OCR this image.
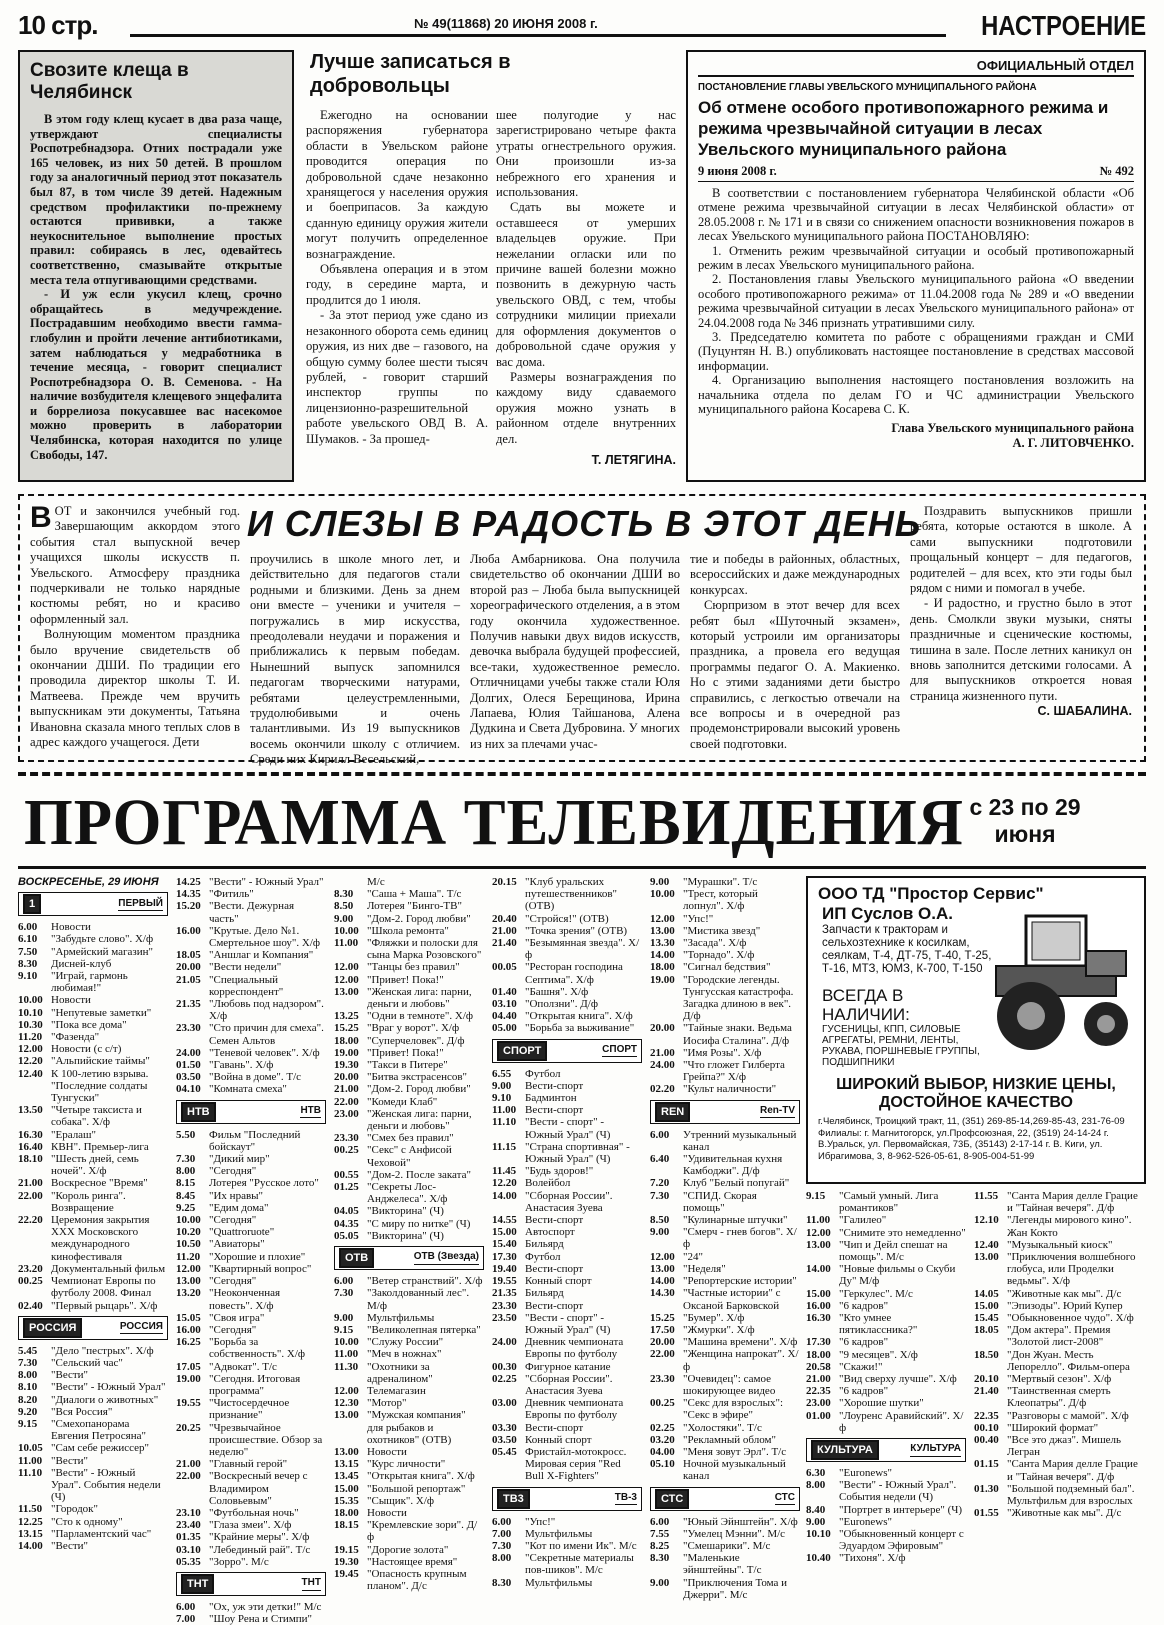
10 стр.	№ 49(11868) 20 ИЮНЯ 2008 г.	НАСТРОЕНИЕ
Свозите клеща в Челябинск

В этом году клещ кусает в два раза чаще, утверждают специалисты Роспотребнадзора. Отних пострадали уже 165 человек, из них 50 детей. В прошлом году за аналогичный период этот показатель был 87, в том числе 39 детей. Надежным средством профилактики по-прежнему остаются прививки, а также неукоснительное выполнение простых правил: собираясь в лес, одевайтесь соответственно, смазывайте открытые места тела отпугивающими средствами.

- И уж если укусил клещ, срочно обращайтесь в медучреждение. Пострадавшим необходимо ввести гамма-глобулин и пройти лечение антибиотиками, затем наблюдаться у медработника в течение месяца, - говорит специалист Роспотребнадзора О. В. Семенова. - На наличие возбудителя клещевого энцефалита и боррелиоза покусавшее вас насекомое можно проверить в лаборатории Челябинска, которая находится по улице Свободы, 147.

Лучше записаться в добровольцы

Ежегодно на основании распоряжения губернатора области в Увельском районе проводится операция по добровольной сдаче незаконно хранящегося у населения оружия и боеприпасов. За каждую сданную единицу оружия жители могут получить определенное вознаграждение.

Объявлена операция и в этом году, в середине марта, и продлится до 1 июля.

- За этот период уже сдано из незаконного оборота семь единиц оружия, из них две – газового, на общую сумму более шести тысяч рублей, - говорит старший инспектор группы по лицензионно-разрешительной работе увельского ОВД В. А. Шумаков. - За прошед-

шее полугодие у нас зарегистрировано четыре факта утраты огнестрельного оружия. Они произошли из-за небрежного его хранения и использования.

Сдать вы можете и оставшееся от умерших владельцев оружие. При нежелании огласки или по причине вашей болезни можно позвонить в дежурную часть увельского ОВД, с тем, чтобы сотрудники милиции приехали для оформления документов о добровольной сдаче оружия у вас дома.

Размеры вознаграждения по каждому виду сдаваемого оружия можно узнать в районном отделе внутренних дел.

Т. ЛЕТЯГИНА.
ОФИЦИАЛЬНЫЙ ОТДЕЛ
ПОСТАНОВЛЕНИЕ ГЛАВЫ УВЕЛЬСКОГО МУНИЦИПАЛЬНОГО РАЙОНА
Об отмене особого противопожарного режима и режима чрезвычайной ситуации в лесах Увельского муниципального района
9 июня 2008 г.	№ 492

В соответствии с постановлением губернатора Челябинской области «Об отмене режима чрезвычайной ситуации в лесах Челябинской области» от 28.05.2008 г. № 171 и в связи со снижением опасности возникновения пожаров в лесах Увельского муниципального района ПОСТАНОВЛЯЮ:

1. Отменить режим чрезвычайной ситуации и особый противопожарный режим в лесах Увельского муниципального района.

2. Постановления главы Увельского муниципального района «О введении особого противопожарного режима» от 11.04.2008 года № 289 и «О введении режима чрезвычайной ситуации в лесах Увельского муниципального района» от 24.04.2008 года № 346 признать утратившими силу.

3. Председателю комитета по работе с обращениями граждан и СМИ (Пуцунтян Н. В.) опубликовать настоящее постановление в средствах массовой информации.

4. Организацию выполнения настоящего постановления возложить на начальника отдела по делам ГО и ЧС администрации Увельского муниципального района Косарева С. К.

Глава Увельского муниципального района
А. Г. ЛИТОВЧЕНКО.
И СЛЕЗЫ В РАДОСТЬ В ЭТОТ ДЕНЬ

ВОТ и закончился учебный год. Завершающим аккордом этого события стал выпускной вечер учащихся школы искусств п. Увельского. Атмосферу праздника подчеркивали не только нарядные костюмы ребят, но и красиво оформленный зал.

Волнующим моментом праздника было вручение свидетельств об окончании ДШИ. По традиции его проводила директор школы Т. И. Матвеева. Прежде чем вручить выпускникам эти документы, Татьяна Ивановна сказала много теплых слов в адрес каждого учащегося. Дети

проучились в школе много лет, и действительно для педагогов стали родными и близкими. День за днем они вместе – ученики и учителя – погружались в мир искусства, преодолевали неудачи и поражения и приближались к первым победам. Нынешний выпуск запомнился педагогам творческими натурами, ребятами целеустремленными, трудолюбивыми и очень талантливыми. Из 19 выпускников восемь окончили школу с отличием. Среди них Кирилл Весельский,

Люба Амбарникова. Она получила свидетельство об окончании ДШИ во второй раз – Люба была выпускницей хореографического отделения, а в этом году окончила художественное. Получив навыки двух видов искусств, девочка выбрала будущей профессией, все-таки, художественное ремесло. Отличницами учебы также стали Юля Долгих, Олеся Берещинова, Ирина Лапаева, Юлия Тайшанова, Алена Дудкина и Света Дубровина. У многих из них за плечами учас-

тие и победы в районных, областных, всероссийских и даже международных конкурсах.

Сюрпризом в этот вечер для всех ребят был «Шуточный экзамен», который устроили им организаторы праздника, а провела его ведущая программы педагог О. А. Макиенко. Но с этими заданиями дети быстро справились, с легкостью отвечали на все вопросы и в очередной раз продемонстрировали высокий уровень своей подготовки.

Поздравить выпускников пришли ребята, которые остаются в школе. А сами выпускники подготовили прощальный концерт – для педагогов, родителей – для всех, кто эти годы был рядом с ними и помогал в учебе.

- И радостно, и грустно было в этот день. Смолкли звуки музыки, сняты праздничные и сценические костюмы, тишина в зале. После летних каникул он вновь заполнится детскими голосами. А для выпускников откроется новая страница жизненного пути.

С. ШАБАЛИНА.
ПРОГРАММА ТЕЛЕВИДЕНИЯ с 23 по 29 июня
ВОСКРЕСЕНЬЕ, 29 ИЮНЯ
1	ПЕРВЫЙ
6.00	Новости
6.10	"Забудьте слово". Х/ф
7.50	"Армейский магазин"
8.30	Дисней-клуб
9.10	"Играй, гармонь любимая!"
10.00 Новости
10.10 "Непутевые заметки"
10.30 "Пока все дома"
11.20 "Фазенда"
12.00 Новости (с с/т)
12.20 "Альпийские таймы"
12.40 К 100-летию взрыва. "Последние солдаты Тунгуски"
13.50 "Четыре таксиста и собака". Х/ф
16.30 "Ералаш"
16.40 КВН". Премьер-лига
18.10 "Шесть дней, семь ночей". Х/ф
21.00 Воскресное "Время"
22.00 "Король ринга". Возвращение
22.20 Церемония закрытия XXX Московского международного кинофестиваля
23.20 Документальный фильм
00.25 Чемпионат Европы по футболу 2008. Финал
02.40 "Первый рыцарь". Х/ф
РОССИЯ	РОССИЯ
5.45	"Дело "пестрых". Х/ф
7.30	"Сельский час"
8.00	"Вести"
8.10	"Вести" - Южный Урал"
8.20	"Диалоги о животных"
9.20	"Вся Россия"
9.15	"Смехопанорама Евгения Петросяна"
10.05 "Сам себе режиссер"
11.00 "Вести"
11.10 "Вести" - Южный Урал". События недели (Ч)
11.50 "Городок"
12.25 "Сто к одному"
13.15 "Парламентский час"
14.00 "Вести"
14.25 "Вести" - Южный Урал"
14.35 "Фитиль"
15.20 "Вести. Дежурная часть"
16.00 "Крутые. Дело №1. Смертельное шоу". Х/ф
18.05 "Аншлаг и Компания"
20.00 "Вести недели"
21.05 "Специальный корреспондент"
21.35 "Любовь под надзором". Х/ф
23.30 "Сто причин для смеха". Семен Альтов
24.00 "Теневой человек". Х/ф
01.50 "Гавань". Х/ф
03.50 "Война в доме". Т/с
04.10 "Комната смеха"
НТВ	НТВ
5.50	Фильм "Последний бойскаут"
7.30	"Дикий мир"
8.00	"Сегодня"
8.15	Лотерея "Русское лото"
8.45	"Их нравы"
9.25	"Едим дома"
10.00 "Сегодня"
10.20 "Quattroruote"
10.50 "Авиаторы"
11.20 "Хорошие и плохие"
12.00 "Квартирный вопрос"
13.00 "Сегодня"
13.20 "Неоконченная повесть". Х/ф
15.05 "Своя игра"
16.00 "Сегодня"
16.25 "Борьба за собственность". Х/ф
17.05 "Адвокат". Т/с
19.00 "Сегодня. Итоговая программа"
19.55 "Чистосердечное признание"
20.25 "Чрезвычайное происшествие. Обзор за неделю"
21.00 "Главный герой"
22.00 "Воскресный вечер с Владимиром Соловьевым"
23.10 "Футбольная ночь"
23.40 "Глаза змеи". Х/ф
01.35 "Крайние меры". Х/ф
03.10 "Лебединый рай". Т/с
05.35 "Зорро". М/с
ТНТ	ТНТ
6.00	"Ох, уж эти детки!" М/с
7.00	"Шоу Рена и Стимпи"
М/с
8.30	"Саша + Маша". Т/с
8.50	Лотерея "Бинго-ТВ"
9.00	"Дом-2. Город любви"
10.00 "Школа ремонта"
11.00 "Фляжки и полоски для сына Марка Розовского"
12.00 "Танцы без правил"
12.00 "Привет! Пока!"
13.00 "Женская лига: парни, деньги и любовь"
13.25 "Одни в темноте". Х/ф
15.25 "Враг у ворот". Х/ф
18.00 "Суперчеловек". Д/ф
19.00 "Привет! Пока!"
19.30 "Такси в Питере"
20.00 "Битва экстрасенсов"
21.00 "Дом-2. Город любви"
22.00 "Комеди Клаб"
23.00 "Женская лига: парни, деньги и любовь"
23.30 "Смех без правил"
00.25 "Секс" с Анфисой Чеховой"
00.55 "Дом-2. После заката"
01.25 "Секреты Лос-Анджелеса". Х/ф
04.05 "Викторина" (Ч)
04.35 "С миру по нитке" (Ч)
05.05 "Викторина" (Ч)
ОТВ	ОТВ (Звезда)
6.00	"Ветер странствий". Х/ф
7.30	"Заколдованный лес". М/ф
9.00	Мультфильмы
9.15	"Великолепная пятерка"
10.00 "Служу России"
11.00 "Меч в ножнах"
11.30 "Охотники за адреналином"
12.00 Телемагазин
12.30 "Мотор"
13.00 "Мужская компания" для рыбаков и охотников" (ОТВ)
13.00 Новости
13.15 "Курс личности"
13.45 "Открытая книга". Х/ф
15.00 "Большой репортаж"
15.35 "Сыщик". Х/ф
18.00 Новости
18.15 "Кремлевские зори". Д/ф
19.15 "Дорогие золота"
19.30 "Настоящее время"
19.45 "Опасность крупным планом". Д/с
20.15 "Клуб уральских путешественников" (ОТВ)
20.40 "Стройся!" (ОТВ)
21.00 "Точка зрения" (ОТВ)
21.40 "Безымянная звезда". Х/ф
00.05 "Ресторан господина Септима". Х/ф
01.40 "Башня". Х/ф
03.10 "Оползни". Д/ф
04.40 "Открытая книга". Х/ф
05.00 "Борьба за выживание"
СПОРТ	СПОРТ
6.55	Футбол
9.00	Вести-спорт
9.10	Бадминтон
11.00 Вести-спорт
11.10 "Вести - спорт" - Южный Урал" (Ч)
11.15 "Страна спортивная" - Южный Урал" (Ч)
11.45 "Будь здоров!"
12.20 Волейбол
14.00 "Сборная России". Анастасия Зуева
14.55 Вести-спорт
15.00 Автоспорт
15.40 Бильярд
17.30 Футбол
19.40 Вести-спорт
19.55 Конный спорт
21.35 Бильярд
23.30 Вести-спорт
23.50 "Вести - спорт" - Южный Урал" (Ч)
24.00 Дневник чемпионата Европы по футболу
00.30 Фигурное катание
02.25 "Сборная России". Анастасия Зуева
03.00 Дневник чемпионата Европы по футболу
03.30 Вести-спорт
03.50 Конный спорт
05.45 Фристайл-мотокросс. Мировая серия "Red Bull X-Fighters"
ТВ3	ТВ-3
6.00	"Упс!"
7.00	Мультфильмы
7.30	"Кот по имени Ик". М/с
8.00	"Секретные материалы пов-шиков". М/с
8.30	Мультфильмы
9.00	"Мурашки". Т/с
10.00 "Трест, который лопнул". Х/ф
12.00 "Упс!"
13.00 "Мистика звезд"
13.30 "Засада". Х/ф
14.00 "Торнадо". Х/ф
18.00 "Сигнал бедствия"
19.00 "Городские легенды. Тунгусская катастрофа. Загадка длиною в век". Д/ф
20.00 "Тайные знаки. Ведьма Иосифа Сталина". Д/ф
21.00 "Имя Розы". Х/ф
24.00 "Что гложет Гилберта Грейпа?" Х/ф
02.20 "Культ наличности"
REN	Ren-TV
6.00	Утренний музыкальный канал
6.40	"Удивительная кухня Камбоджи". Д/ф
7.20	Клуб "Белый попугай"
7.30	"СПИД. Скорая помощь"
8.50	"Кулинарные штучки"
9.00	"Смерч - гнев богов". Х/ф
12.00 "24"
13.00 "Неделя"
14.00 "Репортерские истории"
14.30 "Частные истории" с Оксаной Барковской
15.25 "Бумер". Х/ф
17.50 "Жмурки". Х/ф
20.00 "Машина времени". Х/ф
22.00 "Женщина напрокат". Х/ф
23.30 "Очевидец": самое шокирующее видео
00.25 "Секс для взрослых": "Секс в эфире"
02.25 "Холостяки". Т/с
03.20 "Рекламный облом"
04.00 "Меня зовут Эрл". Т/с
05.10 Ночной музыкальный канал
СТС	СТС
6.00	"Юный Эйнштейн". Х/ф
7.55	"Умелец Мэнни". М/с
8.25	"Смешарики". М/с
8.30	"Маленькие эйнштейны". Т/с
9.00	"Приключения Тома и Джерри". М/с
ООО ТД "Простор Сервис"
ИП Суслов О.А.
Запчасти к тракторам и сельхозтехнике к косилкам, сеялкам, Т-4, ДТ-75, Т-40, Т-25, Т-16, МТЗ, ЮМЗ, К-700, Т-150
ВСЕГДА В НАЛИЧИИ:
ГУСЕНИЦЫ, КПП, СИЛОВЫЕ АГРЕГАТЫ, РЕМНИ, ЛЕНТЫ, РУКАВА, ПОРШНЕВЫЕ ГРУППЫ, ПОДШИПНИКИ
ШИРОКИЙ ВЫБОР, НИЗКИЕ ЦЕНЫ, ДОСТОЙНОЕ КАЧЕСТВО
г.Челябинск, Троицкий тракт, 11, (351) 269-85-14,269-85-43, 231-76-09 Филиалы: г. Магнитогорск, ул.Профсоюзная, 22, (3519) 24-14-24 г. В.Уральск, ул. Первомайская, 73Б, (35143) 2-17-14 г. В. Киги, ул. Ибрагимова, 3, 8-962-526-05-61, 8-905-004-51-99
9.15	"Самый умный. Лига романтиков"
11.00 "Галилео"
12.00 "Снимите это немедленно"
13.00 "Чип и Дейл спешат на помощь". М/с
14.00 "Новые фильмы о Скуби Ду" М/ф
15.00 "Геркулес". М/с
16.00 "6 кадров"
16.30 "Кто умнее пятиклассника?"
17.30 "6 кадров"
18.00 "9 месяцев". Х/ф
20.58 "Скажи!"
21.00 "Вид сверху лучше". Х/ф
22.35 "6 кадров"
23.00 "Хорошие шутки"
01.00 "Лоуренс Аравийский". Х/ф
КУЛЬТУРА	КУЛЬТУРА
6.30	"Euronews"
8.00	"Вести" - Южный Урал". События недели (Ч)
8.40	"Портрет в интерьере" (Ч)
9.00	"Euronews"
10.10 "Обыкновенный концерт с Эдуардом Эфировым"
10.40 "Тихоня". Х/ф
11.55 "Санта Мария делле Грацие и "Тайная вечеря". Д/ф
12.10 "Легенды мирового кино". Жан Кокто
12.40 "Музыкальный киоск"
13.00 "Приключения волшебного глобуса, или Проделки ведьмы". Х/ф
14.05 "Животные как мы". Д/с
15.00 "Эпизоды". Юрий Купер
15.45 "Обыкновенное чудо". Х/ф
18.05 "Дом актера". Премия "Золотой лист-2008"
18.50 "Дон Жуан. Месть Лепорелло". Фильм-опера
20.10 "Мертвый сезон". Х/ф
21.40 "Таинственная смерть Клеопатры". Д/ф
22.35 "Разговоры с мамой". Х/ф
00.10 "Широкий формат"
00.40 "Все это джаз". Мишель Легран
01.15 "Санта Мария делле Грацие и "Тайная вечеря". Д/ф
01.30 "Большой подземный бал". Мультфильм для взрослых
01.55 "Животные как мы". Д/с
